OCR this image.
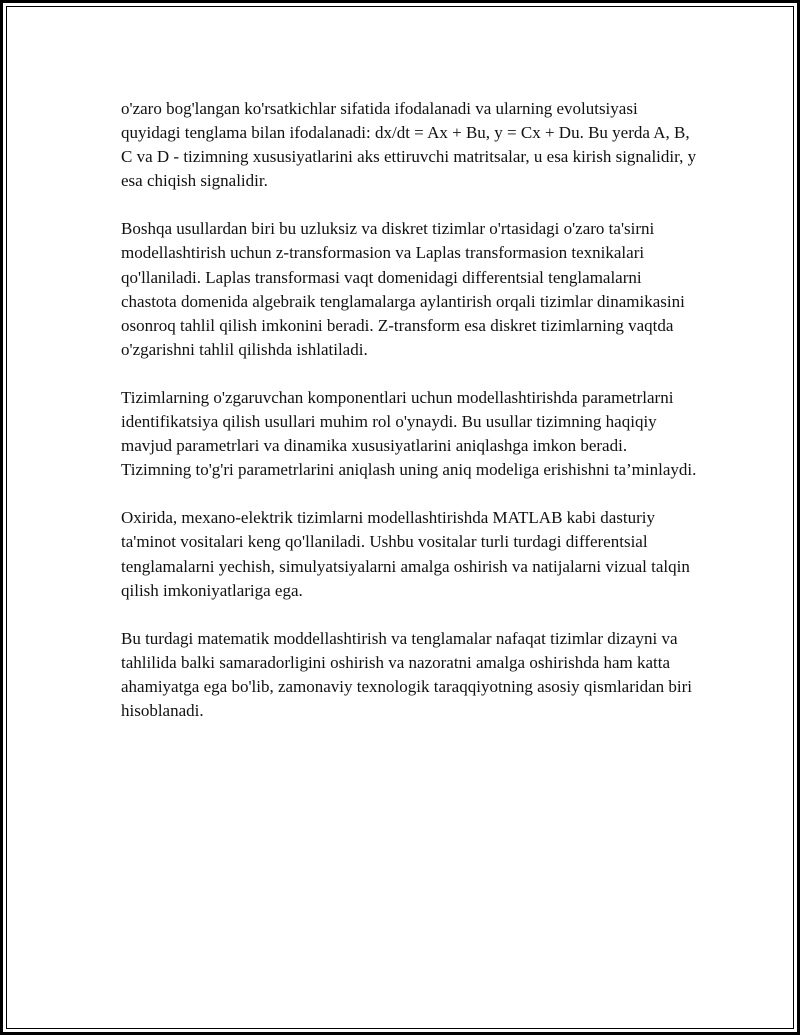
o'zaro bog'langan ko'rsatkichlar sifatida ifodalanadi va ularning evolutsiyasi quyidagi tenglama bilan ifodalanadi: dx/dt = Ax + Bu, y = Cx + Du. Bu yerda A, B, C va D - tizimning xususiyatlarini aks ettiruvchi matritsalar, u esa kirish signalidir, y esa chiqish signalidir.

Boshqa usullardan biri bu uzluksiz va diskret tizimlar o'rtasidagi o'zaro ta'sirni modellashtirish uchun z-transformasion va Laplas transformasion texnikalari qo'llaniladi. Laplas transformasi vaqt domenidagi differentsial tenglamalarni chastota domenida algebraik tenglamalarga aylantirish orqali tizimlar dinamikasini osonroq tahlil qilish imkonini beradi. Z-transform esa diskret tizimlarning vaqtda o'zgarishni tahlil qilishda ishlatiladi.

Tizimlarning o'zgaruvchan komponentlari uchun modellashtirishda parametrlarni identifikatsiya qilish usullari muhim rol o'ynaydi. Bu usullar tizimning haqiqiy mavjud parametrlari va dinamika xususiyatlarini aniqlashga imkon beradi. Tizimning to'g'ri parametrlarini aniqlash uning aniq modeliga erishishni ta’minlaydi.

Oxirida, mexano-elektrik tizimlarni modellashtirishda MATLAB kabi dasturiy ta'minot vositalari keng qo'llaniladi. Ushbu vositalar turli turdagi differentsial tenglamalarni yechish, simulyatsiyalarni amalga oshirish va natijalarni vizual talqin qilish imkoniyatlariga ega.

Bu turdagi matematik moddellashtirish va tenglamalar nafaqat tizimlar dizayni va tahlilida balki samaradorligini oshirish va nazoratni amalga oshirishda ham katta ahamiyatga ega bo'lib, zamonaviy texnologik taraqqiyotning asosiy qismlaridan biri hisoblanadi.
